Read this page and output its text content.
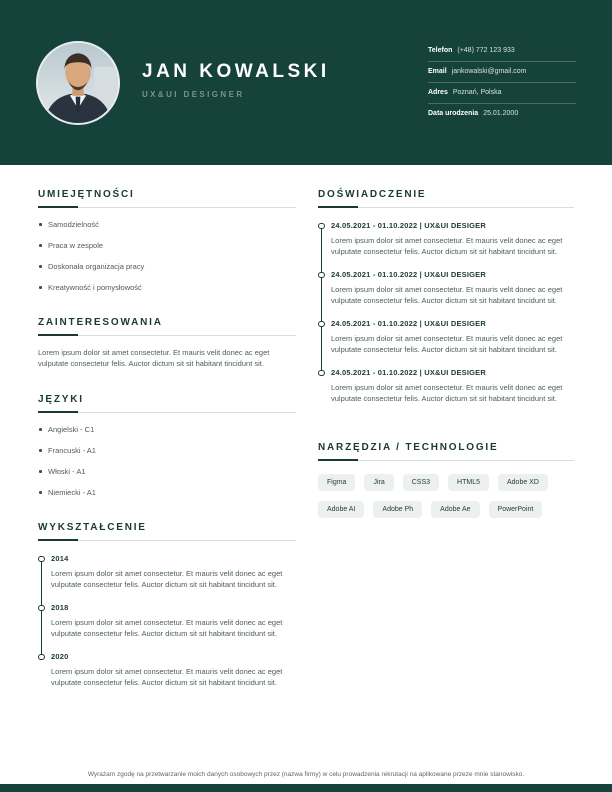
JAN KOWALSKI
UX&UI DESIGNER
Telefon (+48) 772 123 933
Email jankowalski@gmail.com
Adres Poznań, Polska
Data urodzenia 25.01.2000
UMIEJĘTNOŚCI
Samodzielność
Praca w zespole
Doskonała organizacja pracy
Kreatywność i pomysłowość
ZAINTERESOWANIA
Lorem ipsum dolor sit amet consectetur. Et mauris velit donec ac eget vulputate consectetur felis. Auctor dictum sit sit habitant tincidunt sit.
JĘZYKI
Angielski - C1
Francuski - A1
Włoski - A1
Niemiecki - A1
WYKSZTAŁCENIE
2014
Lorem ipsum dolor sit amet consectetur. Et mauris velit donec ac eget vulputate consectetur felis. Auctor dictum sit sit habitant tincidunt sit.
2018
Lorem ipsum dolor sit amet consectetur. Et mauris velit donec ac eget vulputate consectetur felis. Auctor dictum sit sit habitant tincidunt sit.
2020
Lorem ipsum dolor sit amet consectetur. Et mauris velit donec ac eget vulputate consectetur felis. Auctor dictum sit sit habitant tincidunt sit.
DOŚWIADCZENIE
24.05.2021 - 01.10.2022 | UX&UI DESIGER
Lorem ipsum dolor sit amet consectetur. Et mauris velit donec ac eget vulputate consectetur felis. Auctor dictum sit sit habitant tincidunt sit.
24.05.2021 - 01.10.2022 | UX&UI DESIGER
Lorem ipsum dolor sit amet consectetur. Et mauris velit donec ac eget vulputate consectetur felis. Auctor dictum sit sit habitant tincidunt sit.
24.05.2021 - 01.10.2022 | UX&UI DESIGER
Lorem ipsum dolor sit amet consectetur. Et mauris velit donec ac eget vulputate consectetur felis. Auctor dictum sit sit habitant tincidunt sit.
24.05.2021 - 01.10.2022 | UX&UI DESIGER
Lorem ipsum dolor sit amet consectetur. Et mauris velit donec ac eget vulputate consectetur felis. Auctor dictum sit sit habitant tincidunt sit.
NARZĘDZIA / TECHNOLOGIE
Figma	Jira	CSS3	HTML5	Adobe XD
Adobe AI	Adobe Ph	Adobe Ae	PowerPoint
Wyrażam zgodę na przetwarzanie moich danych osobowych przez (nazwa firmy) w celu prowadzenia rekrutacji na aplikowane przeze mnie stanowisko.
